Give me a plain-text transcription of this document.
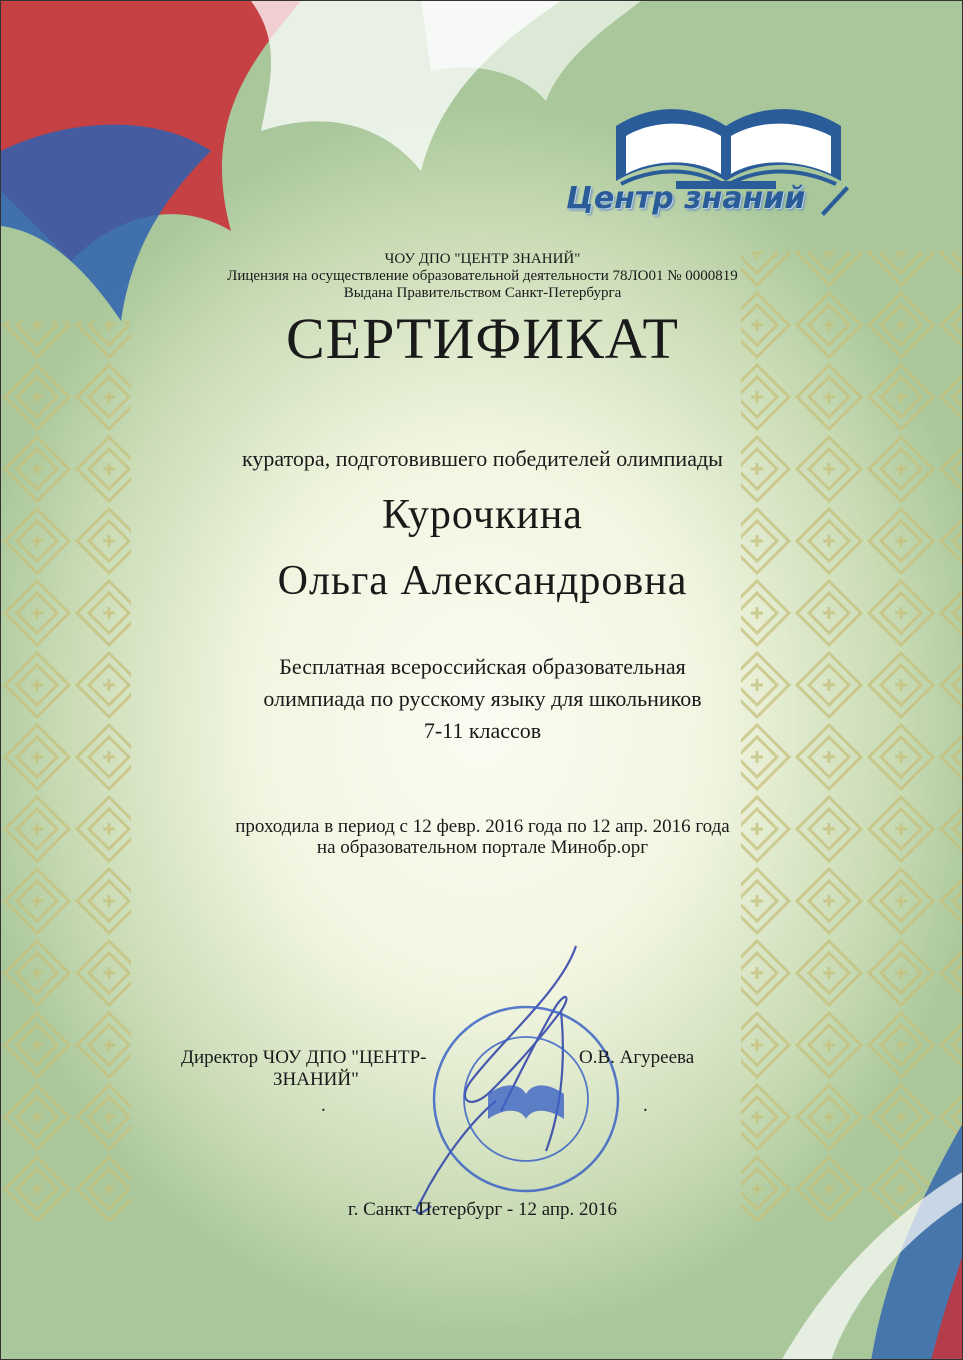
Центр знаний
ЧОУ ДПО "ЦЕНТР ЗНАНИЙ"
Лицензия на осуществление образовательной деятельности 78ЛО01 № 0000819
Выдана Правительством Санкт-Петербурга
СЕРТИФИКАТ
куратора, подготовившего победителей олимпиады
Курочкина
Ольга Александровна
Бесплатная всероссийская образовательная
олимпиада по русскому языку для школьников
7-11 классов
проходила в период с 12 февр. 2016 года по 12 апр. 2016 года
на образовательном портале Минобр.орг
Директор ЧОУ ДПО "ЦЕНТР-
ЗНАНИЙ"
.
О.В. Агуреева
.
г. Санкт-Петербург - 12 апр. 2016
